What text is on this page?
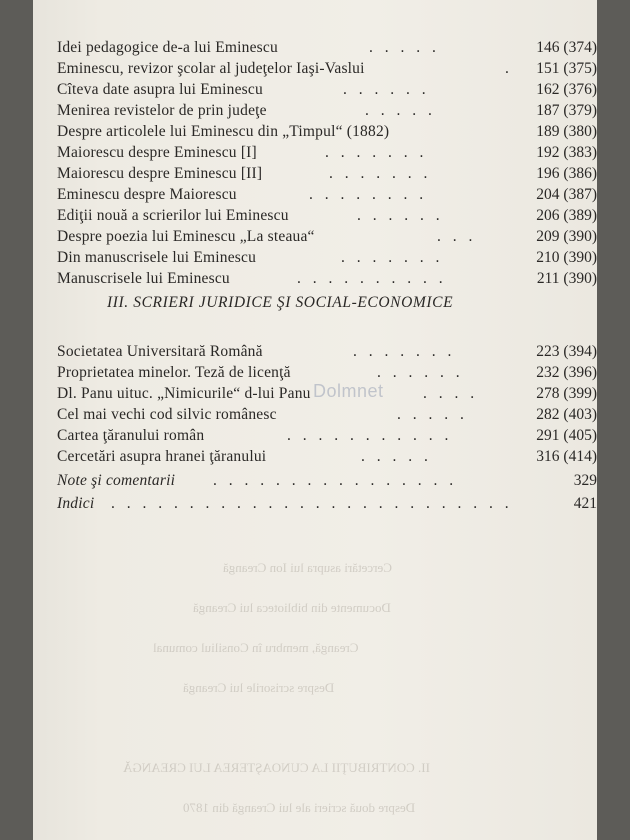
Cercetări asupra lui Ion Creangă
Documente din biblioteca lui Creangă
Creangă, membru în Consiliul comunal
Despre scrisorile lui Creangă
II. CONTRIBUŢII LA CUNOAŞTEREA LUI CREANGĂ
Despre două scrieri ale lui Creangă din 1870
Idei pedagogice de-a lui Eminescu	. . . . .	146 (374)
Eminescu, revizor şcolar al judeţelor Iaşi-Vaslui	. 151 (375)
Cîteva date asupra lui Eminescu	. . . . . .	162 (376)
Menirea revistelor de prin judeţe	. . . . .	187 (379)
Despre articolele lui Eminescu din „Timpul“ (1882)	189 (380)
Maiorescu despre Eminescu [I]	. . . . . . .	192 (383)
Maiorescu despre Eminescu [II]	. . . . . . .	196 (386)
Eminescu despre Maiorescu	. . . . . . . .	204 (387)
Ediţii nouă a scrierilor lui Eminescu	. . . . . .	206 (389)
Despre poezia lui Eminescu „La steaua“	. . .	209 (390)
Din manuscrisele lui Eminescu	. . . . . . .	210 (390)
Manuscrisele lui Eminescu	. . . . . . . . . .	211 (390)
III. SCRIERI JURIDICE ŞI SOCIAL-ECONOMICE
Societatea Universitară Română	. . . . . . .	223 (394)
Proprietatea minelor. Teză de licenţă	. . . . . .	232 (396)
Dl. Panu uituc. „Nimicurile“ d-lui Panu	. . . .	278 (399)
Cel mai vechi cod silvic românesc	. . . . .	282 (403)
Cartea ţăranului român	. . . . . . . . . . .	291 (405)
Cercetări asupra hranei ţăranului	. . . . .	316 (414)
Note şi comentarii . . . . . . . . . . . . . . . .	329
Indici . . . . . . . . . . . . . . . . . . . . . . . . . .	421
Dolmnet
